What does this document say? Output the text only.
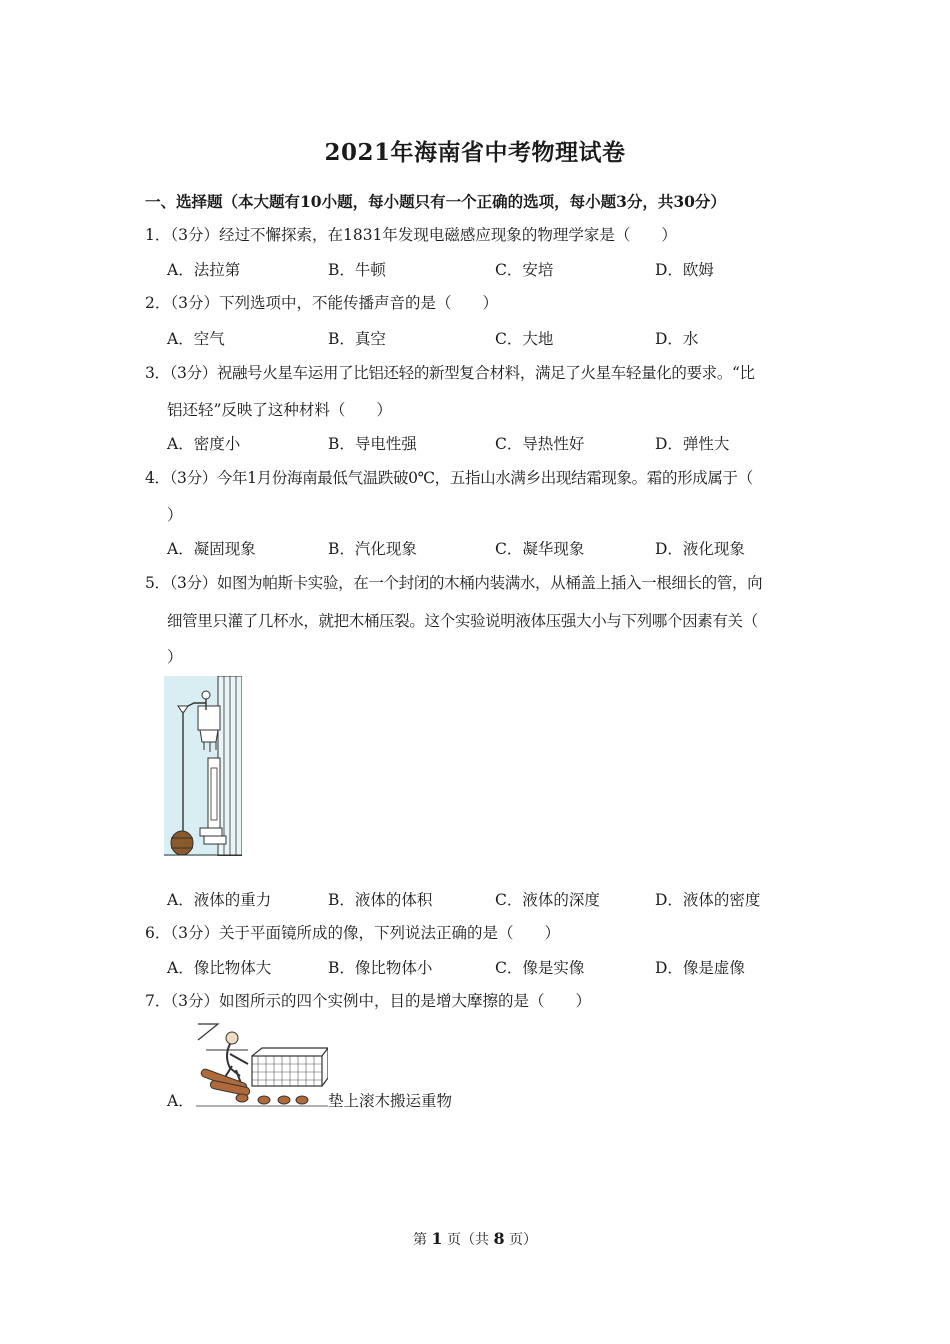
2021年海南省中考物理试卷
一、选择题（本大题有10小题，每小题只有一个正确的选项，每小题3分，共30分）
1．（3分）经过不懈探索，在1831年发现电磁感应现象的物理学家是（　　）
A．法拉第	B．牛顿	C．安培	D．欧姆
2．（3分）下列选项中，不能传播声音的是（　　）
A．空气	B．真空	C．大地	D．水
3．（3分）祝融号火星车运用了比铝还轻的新型复合材料，满足了火星车轻量化的要求。“比
铝还轻”反映了这种材料（　　）
A．密度小	B．导电性强	C．导热性好	D．弹性大
4．（3分）今年1月份海南最低气温跌破0℃，五指山水满乡出现结霜现象。霜的形成属于（
）
A．凝固现象	B．汽化现象	C．凝华现象	D．液化现象
5．（3分）如图为帕斯卡实验，在一个封闭的木桶内装满水，从桶盖上插入一根细长的管，向
细管里只灌了几杯水，就把木桶压裂。这个实验说明液体压强大小与下列哪个因素有关（
）
A．液体的重力	B．液体的体积	C．液体的深度	D．液体的密度
6．（3分）关于平面镜所成的像，下列说法正确的是（　　）
A．像比物体大	B．像比物体小	C．像是实像	D．像是虚像
7．（3分）如图所示的四个实例中，目的是增大摩擦的是（　　）
A．	垫上滚木搬运重物
第 1 页（共 8 页）
